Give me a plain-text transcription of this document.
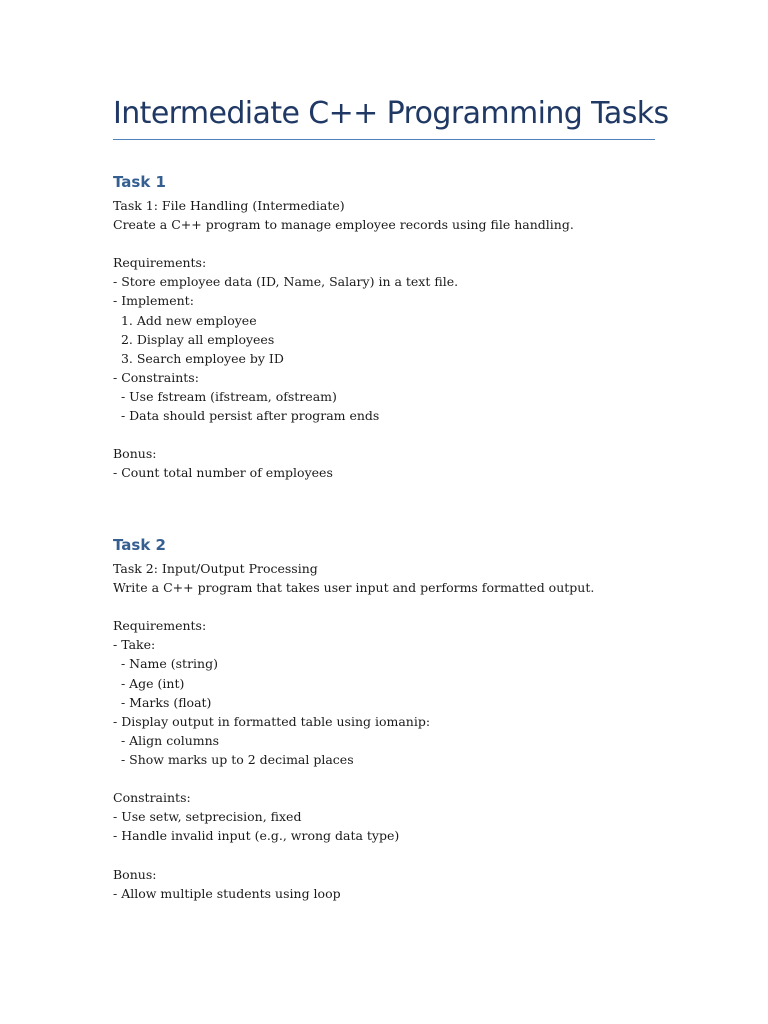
Intermediate C++ Programming Tasks
Task 1
Task 1: File Handling (Intermediate)
Create a C++ program to manage employee records using file handling.
Requirements:
- Store employee data (ID, Name, Salary) in a text file.
- Implement:
1. Add new employee
2. Display all employees
3. Search employee by ID
- Constraints:
- Use fstream (ifstream, ofstream)
- Data should persist after program ends
Bonus:
- Count total number of employees
Task 2
Task 2: Input/Output Processing
Write a C++ program that takes user input and performs formatted output.
Requirements:
- Take:
- Name (string)
- Age (int)
- Marks (float)
- Display output in formatted table using iomanip:
- Align columns
- Show marks up to 2 decimal places
Constraints:
- Use setw, setprecision, fixed
- Handle invalid input (e.g., wrong data type)
Bonus:
- Allow multiple students using loop
